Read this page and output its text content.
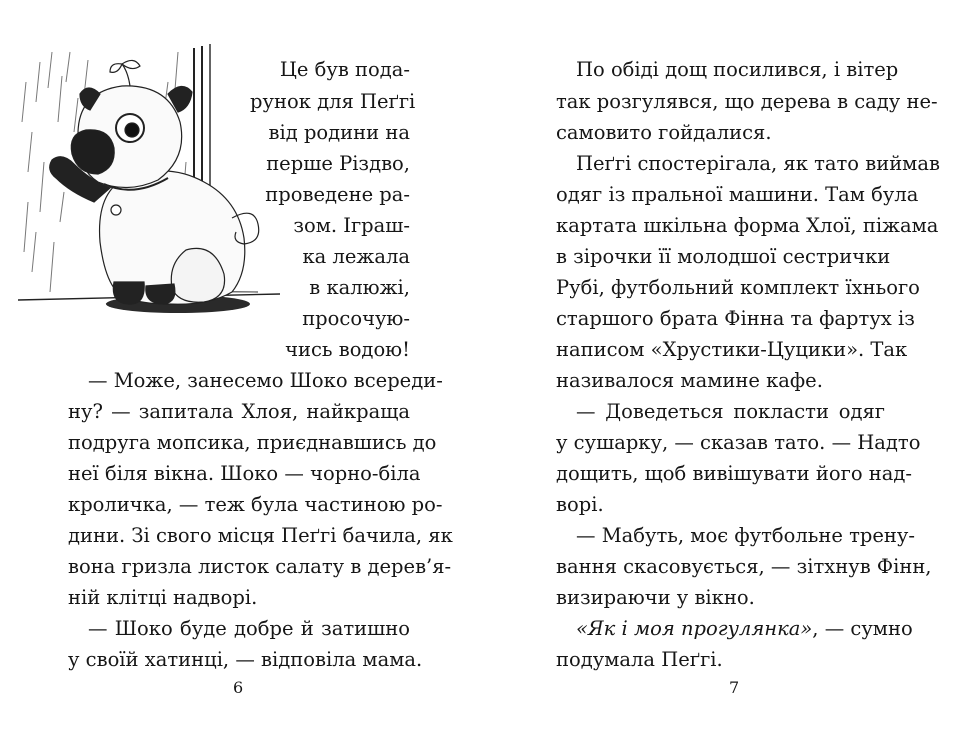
Це був пода-
рунок для Пеґгі
від родини на
перше Різдво,
проведене ра-
зом. Іграш-
ка лежала
в калюжі,
просочую-
чись водою!
— Може, занесемо Шоко всереди-
ну? — запитала Хлоя, найкраща
подруга мопсика, приєднавшись до
неї біля вікна. Шоко — чорно-біла
кроличка, — теж була частиною ро-
дини. Зі свого місця Пеґгі бачила, як
вона гризла листок салату в дерев’я-
ній клітці надворі.
— Шоко буде добре й затишно
у своїй хатинці, — відповіла мама.
6
По обіді дощ посилився, і вітер
так розгулявся, що дерева в саду не-
самовито гойдалися.
Пеґгі спостерігала, як тато виймав
одяг із пральної машини. Там була
картата шкільна форма Хлої, піжама
в зірочки її молодшої сестрички
Рубі, футбольний комплект їхнього
старшого брата Фінна та фартух із
написом «Хрустики-Цуцики». Так
називалося мамине кафе.
— Доведеться покласти одяг
у сушарку, — сказав тато. — Надто
дощить, щоб вивішувати його над-
ворі.
— Мабуть, моє футбольне трену-
вання скасовується, — зітхнув Фінн,
визираючи у вікно.
«Як і моя прогулянка», — сумно
подумала Пеґгі.
7
